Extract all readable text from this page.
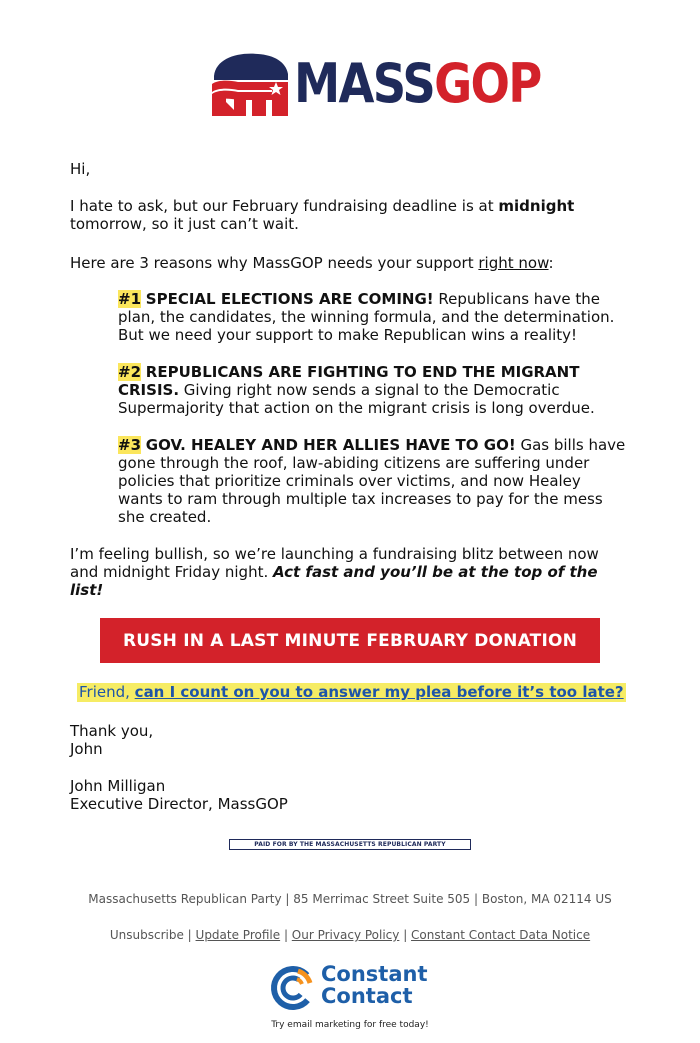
MASSGOP

Hi,

I hate to ask, but our February fundraising deadline is at midnight tomorrow, so it just can’t wait.

Here are 3 reasons why MassGOP needs your support right now:

#1 SPECIAL ELECTIONS ARE COMING! Republicans have the plan, the candidates, the winning formula, and the determination. But we need your support to make Republican wins a reality!
#2 REPUBLICANS ARE FIGHTING TO END THE MIGRANT CRISIS. Giving right now sends a signal to the Democratic Supermajority that action on the migrant crisis is long overdue.
#3 GOV. HEALEY AND HER ALLIES HAVE TO GO! Gas bills have gone through the roof, law-abiding citizens are suffering under policies that prioritize criminals over victims, and now Healey wants to ram through multiple tax increases to pay for the mess she created.

I’m feeling bullish, so we’re launching a fundraising blitz between now and midnight Friday night. Act fast and you’ll be at the top of the list!

RUSH IN A LAST MINUTE FEBRUARY DONATION
Friend, can I count on you to answer my plea before it’s too late?

Thank you,

John

John Milligan

Executive Director, MassGOP

PAID FOR BY THE MASSACHUSETTS REPUBLICAN PARTY
Massachusetts Republican Party | 85 Merrimac Street Suite 505 | Boston, MA 02114 US
Unsubscribe | Update Profile | Our Privacy Policy | Constant Contact Data Notice
Constant
Contact
Try email marketing for free today!
